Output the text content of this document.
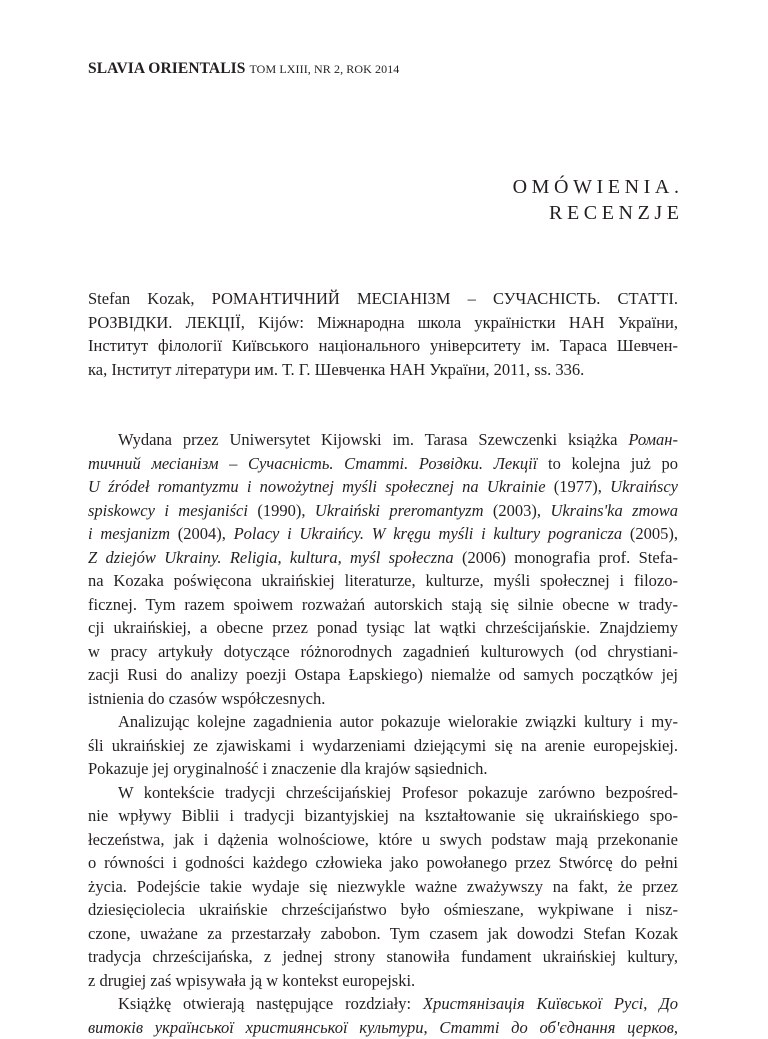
SLAVIA ORIENTALIS TOM LXIII, NR 2, ROK 2014
OMÓWIENIA.
RECENZJE
Stefan Kozak, РОМАНТИЧНИЙ МЕСІАНІЗМ – СУЧАСНІСТЬ. СТАТТІ.
РОЗВІДКИ. ЛЕКЦІЇ, Kijów: Міжнародна школа україністки НАН України,
Інститут філології Київського національного університету ім. Тараса Шевчен-
ка, Інститут літератури им. Т. Г. Шевченка НАН України, 2011, ss. 336.
Wydana przez Uniwersytet Kijowski im. Tarasa Szewczenki książka Роман-
тичний месіанізм – Сучасність. Статті. Розвідки. Лекції to kolejna już po
U źródeł romantyzmu i nowożytnej myśli społecznej na Ukrainie (1977), Ukraińscy
spiskowcy i mesjaniści (1990), Ukraiński preromantyzm (2003), Ukrains'ka zmowa
i mesjanizm (2004), Polacy i Ukraińcy. W kręgu myśli i kultury pogranicza (2005),
Z dziejów Ukrainy. Religia, kultura, myśl społeczna (2006) monografia prof. Stefa-
na Kozaka poświęcona ukraińskiej literaturze, kulturze, myśli społecznej i filozo-
ficznej. Tym razem spoiwem rozważań autorskich stają się silnie obecne w trady-
cji ukraińskiej, a obecne przez ponad tysiąc lat wątki chrześcijańskie. Znajdziemy
w pracy artykuły dotyczące różnorodnych zagadnień kulturowych (od chrystiani-
zacji Rusi do analizy poezji Ostapa Łapskiego) niemalże od samych początków jej
istnienia do czasów współczesnych.
Analizując kolejne zagadnienia autor pokazuje wielorakie związki kultury i my-
śli ukraińskiej ze zjawiskami i wydarzeniami dziejącymi się na arenie europejskiej.
Pokazuje jej oryginalność i znaczenie dla krajów sąsiednich.
W kontekście tradycji chrześcijańskiej Profesor pokazuje zarówno bezpośred-
nie wpływy Biblii i tradycji bizantyjskiej na kształtowanie się ukraińskiego spo-
łeczeństwa, jak i dążenia wolnościowe, które u swych podstaw mają przekonanie
o równości i godności każdego człowieka jako powołanego przez Stwórcę do pełni
życia. Podejście takie wydaje się niezwykle ważne zważywszy na fakt, że przez
dziesięciolecia ukraińskie chrześcijaństwo było ośmieszane, wykpiwane i nisz-
czone, uważane za przestarzały zabobon. Tym czasem jak dowodzi Stefan Kozak
tradycja chrześcijańska, z jednej strony stanowiła fundament ukraińskiej kultury,
z drugiej zaś wpisywała ją w kontekst europejski.
Książkę otwierają następujące rozdziały: Христянізація Київської Русі, До
витоків української християнської культури, Статті до об'єднання церков,
